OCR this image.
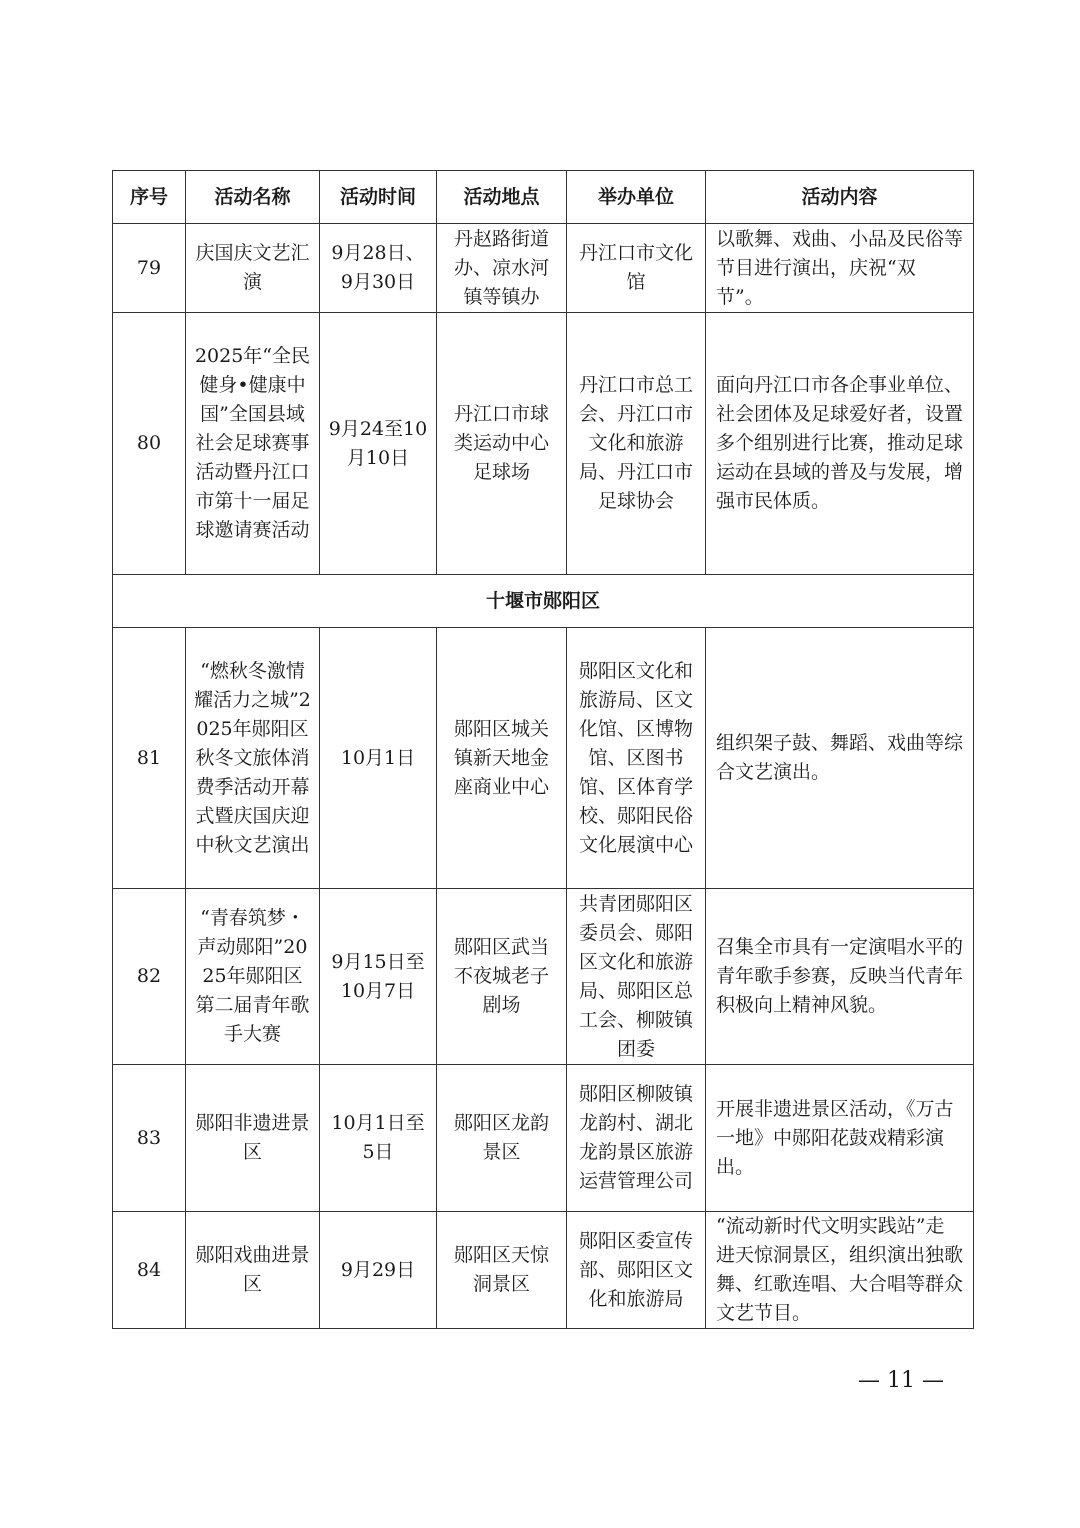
序号	活动名称	活动时间	活动地点	举办单位	活动内容
79	庆国庆文艺汇演	9月28日、9月30日	丹赵路街道办、凉水河镇等镇办	丹江口市文化馆	以歌舞、戏曲、小品及民俗等节目进行演出，庆祝“双节”。
80	2025年“全民健身•健康中国”全国县域社会足球赛事活动暨丹江口市第十一届足球邀请赛活动	9月24至10月10日	丹江口市球类运动中心足球场	丹江口市总工会、丹江口市文化和旅游局、丹江口市足球协会	面向丹江口市各企事业单位、社会团体及足球爱好者，设置多个组别进行比赛，推动足球运动在县域的普及与发展，增强市民体质。
十堰市郧阳区					
81	“燃秋冬激情 耀活力之城”2025年郧阳区秋冬文旅体消费季活动开幕式暨庆国庆迎中秋文艺演出	10月1日	郧阳区城关镇新天地金座商业中心	郧阳区文化和旅游局、区文化馆、区博物馆、区图书馆、区体育学校、郧阳民俗文化展演中心	组织架子鼓、舞蹈、戏曲等综合文艺演出。
82	“青春筑梦・声动郧阳”2025年郧阳区第二届青年歌手大赛	9月15日至10月7日	郧阳区武当不夜城老子剧场	共青团郧阳区委员会、郧阳区文化和旅游局、郧阳区总工会、柳陂镇团委	召集全市具有一定演唱水平的青年歌手参赛，反映当代青年积极向上精神风貌。
83	郧阳非遗进景区	10月1日至5日	郧阳区龙韵景区	郧阳区柳陂镇龙韵村、湖北龙韵景区旅游运营管理公司	开展非遗进景区活动，《万古一地》中郧阳花鼓戏精彩演出。
84	郧阳戏曲进景区	9月29日	郧阳区天惊洞景区	郧阳区委宣传部、郧阳区文化和旅游局	“流动新时代文明实践站”走进天惊洞景区，组织演出独歌舞、红歌连唱、大合唱等群众文艺节目。
— 11 —
